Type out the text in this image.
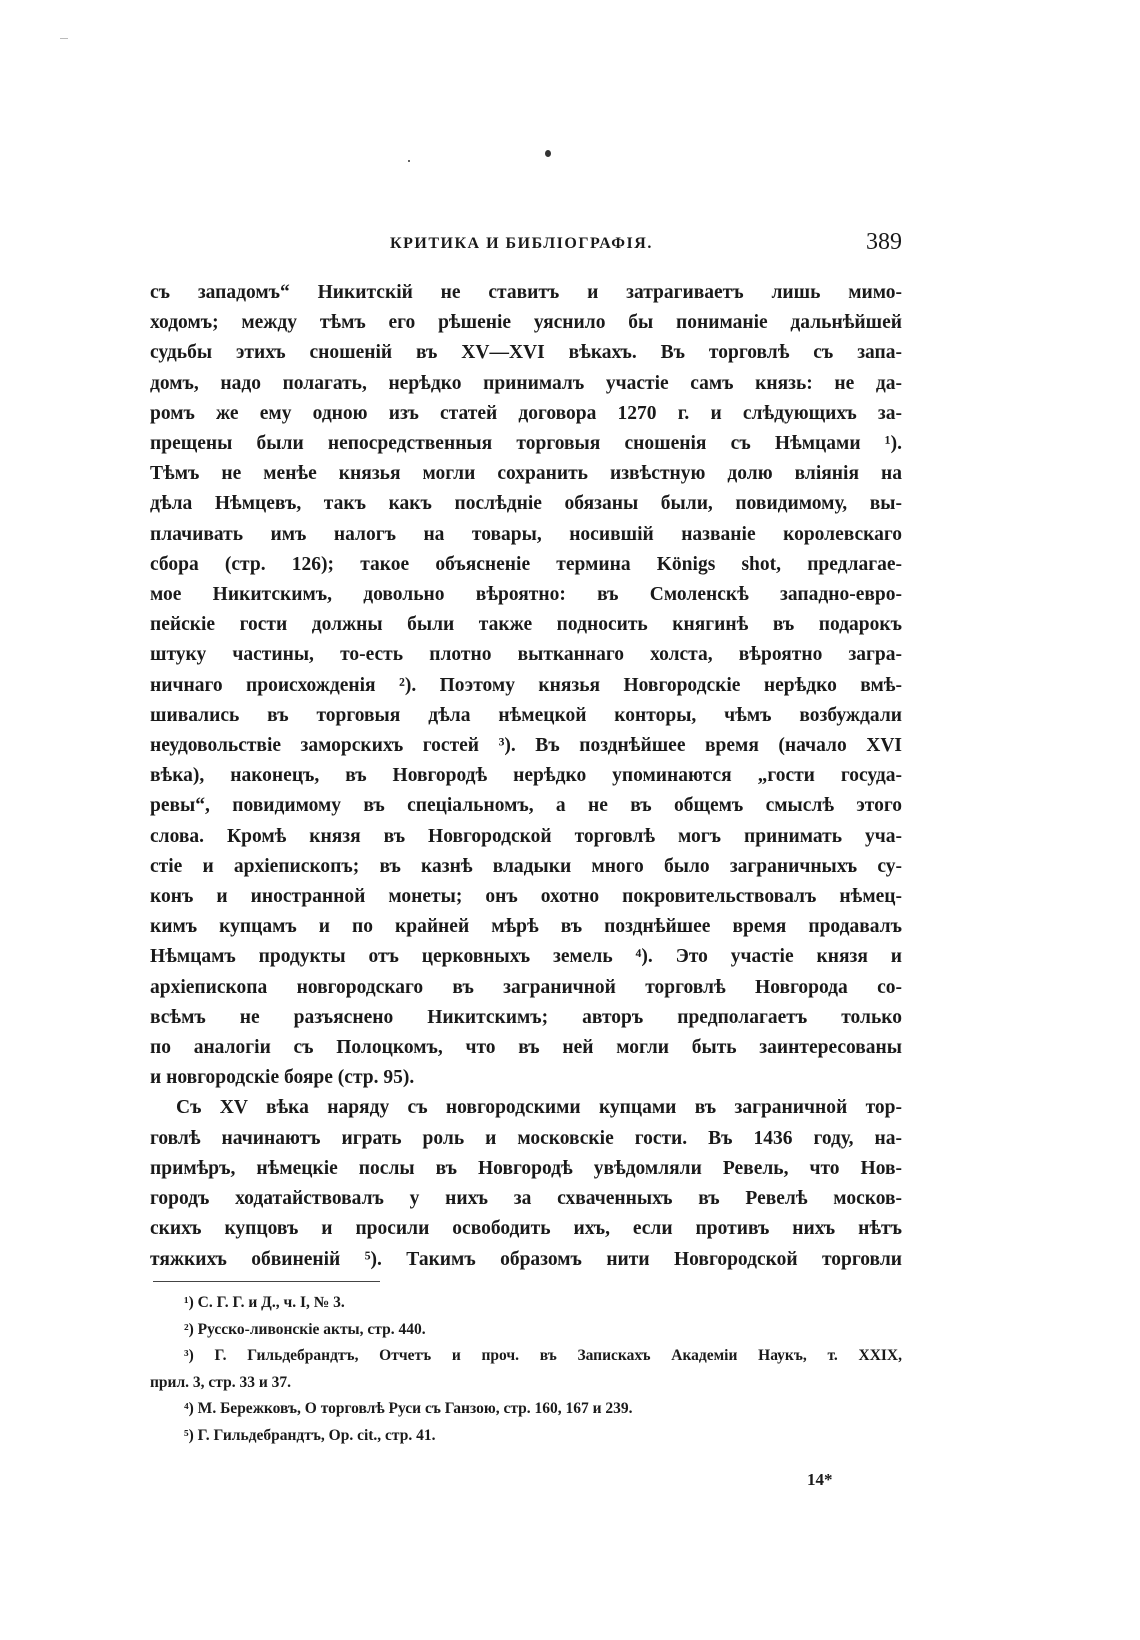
КРИТИКА И БИБЛIОГРАФIЯ.	389

съ западомъ“ Никитскій не ставитъ и затрагиваетъ лишь мимо-
ходомъ; между тѣмъ его рѣшеніе уяснило бы пониманіе дальнѣйшей
судьбы этихъ сношеній въ XV—XVI вѣкахъ. Въ торговлѣ съ запа-
домъ, надо полагать, нерѣдко принималъ участіе самъ князь: не да-
ромъ же ему одною изъ статей договора 1270 г. и слѣдующихъ за-
прещены были непосредственныя торговыя сношенія съ Нѣмцами ¹).
Тѣмъ не менѣе князья могли сохранить извѣстную долю вліянія на
дѣла Нѣмцевъ, такъ какъ послѣдніе обязаны были, повидимому, вы-
плачивать имъ налогъ на товары, носившій названіе королевскаго
сбора (стр. 126); такое объясненіе термина Königs shot, предлагае-
мое Никитскимъ, довольно вѣроятно: въ Смоленскѣ западно-евро-
пейскіе гости должны были также подносить княгинѣ въ подарокъ
штуку частины, то-есть плотно вытканнаго холста, вѣроятно загра-
ничнаго происхожденія ²). Поэтому князья Новгородскіе нерѣдко вмѣ-
шивались въ торговыя дѣла нѣмецкой конторы, чѣмъ возбуждали
неудовольствіе заморскихъ гостей ³). Въ позднѣйшее время (начало XVI
вѣка), наконецъ, въ Новгородѣ нерѣдко упоминаются „гости госуда-
ревы“, повидимому въ спеціальномъ, а не въ общемъ смыслѣ этого
слова. Кромѣ князя въ Новгородской торговлѣ могъ принимать уча-
стіе и архіепископъ; въ казнѣ владыки много было заграничныхъ су-
конъ и иностранной монеты; онъ охотно покровительствовалъ нѣмец-
кимъ купцамъ и по крайней мѣрѣ въ позднѣйшее время продавалъ
Нѣмцамъ продукты отъ церковныхъ земель ⁴). Это участіе князя и
архіепископа новгородскаго въ заграничной торговлѣ Новгорода со-
всѣмъ не разъяснено Никитскимъ; авторъ предполагаетъ только
по аналогіи съ Полоцкомъ, что въ ней могли быть заинтересованы

и новгородскіе бояре (стр. 95).

Съ XV вѣка наряду съ новгородскими купцами въ заграничной тор-
говлѣ начинаютъ играть роль и московскіе гости. Въ 1436 году, на-
примѣръ, нѣмецкіе послы въ Новгородѣ увѣдомляли Ревель, что Нов-
городъ ходатайствовалъ у нихъ за схваченныхъ въ Ревелѣ москов-
скихъ купцовъ и просили освободить ихъ, если противъ нихъ нѣтъ
тяжкихъ обвиненій ⁵). Такимъ образомъ нити Новгородской торговли

¹) С. Г. Г. и Д., ч. I, № 3.
²) Русско-ливонскіе акты, стр. 440.
³) Г. Гильдебрандтъ, Отчетъ и проч. въ Запискахъ Академіи Наукъ, т. XXIX,
прил. 3, стр. 33 и 37.
⁴) М. Бережковъ, О торговлѣ Руси съ Ганзою, стр. 160, 167 и 239.
⁵) Г. Гильдебрандтъ, Op. cit., стр. 41.
14*
